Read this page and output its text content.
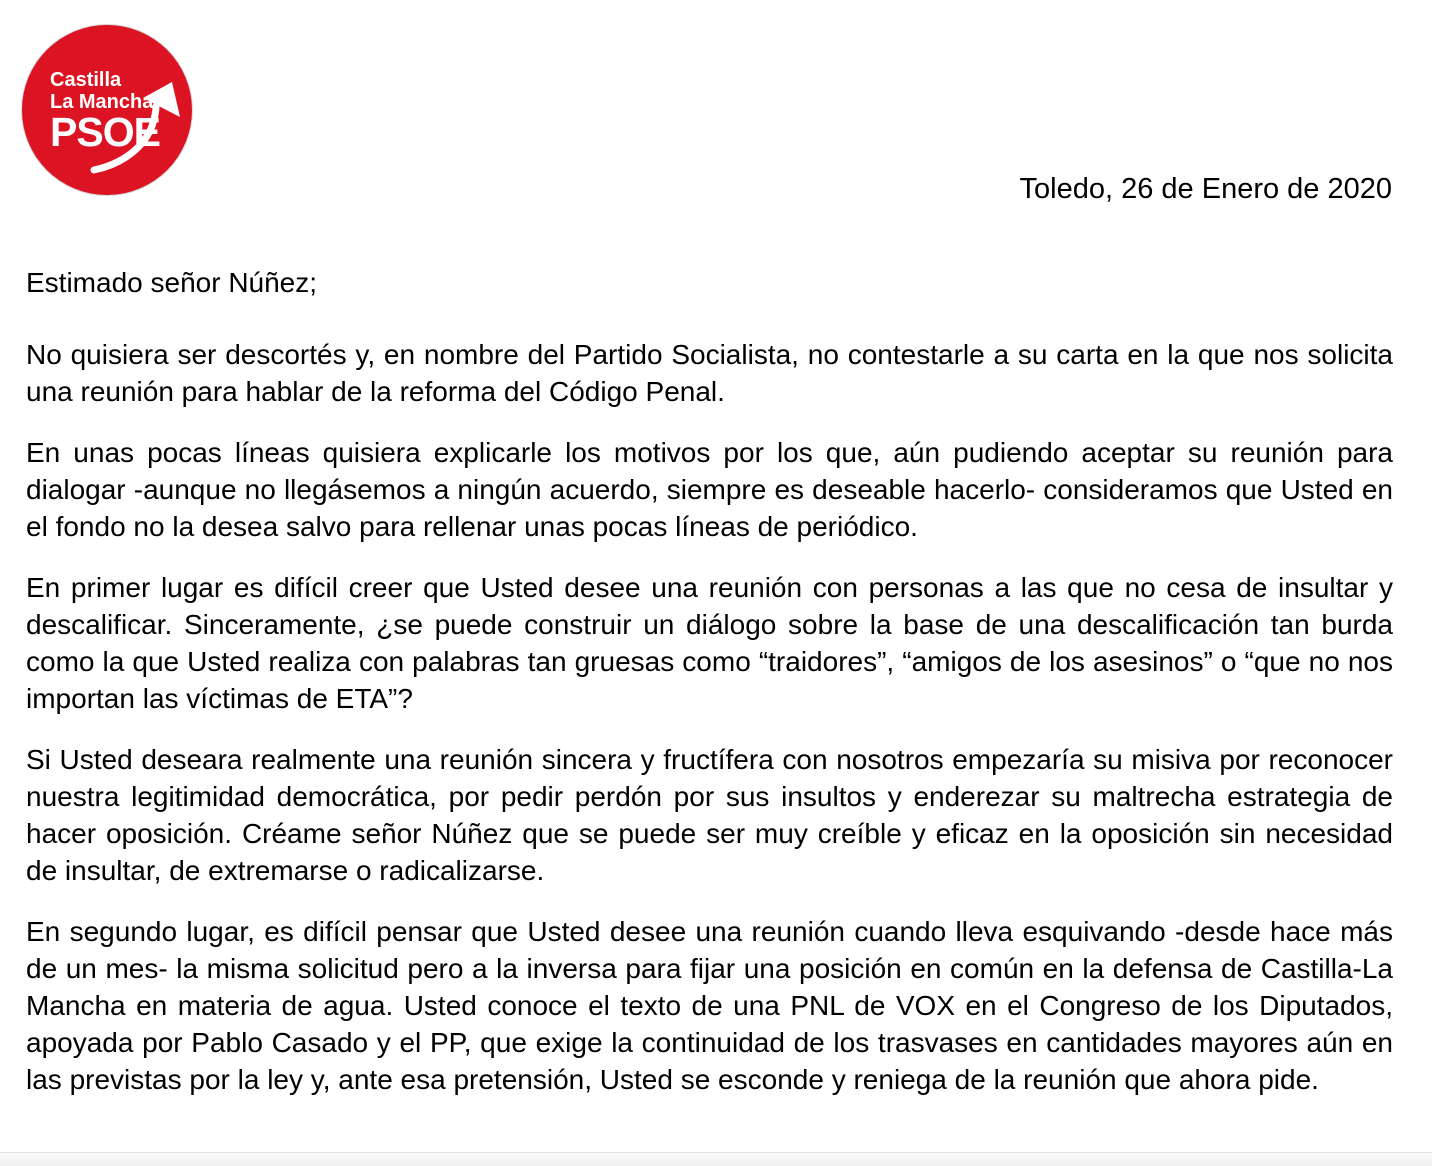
Castilla
La Mancha
PSOE
Toledo, 26 de Enero de 2020

Estimado señor Núñez;

No quisiera ser descortés y, en nombre del Partido Socialista, no contestarle a su carta en la que nos solicita una reunión para hablar de la reforma del Código Penal.

En unas pocas líneas quisiera explicarle los motivos por los que, aún pudiendo aceptar su reunión para dialogar -aunque no llegásemos a ningún acuerdo, siempre es deseable hacerlo- consideramos que Usted en el fondo no la desea salvo para rellenar unas pocas líneas de periódico.

En primer lugar es difícil creer que Usted desee una reunión con personas a las que no cesa de insultar y descalificar. Sinceramente, ¿se puede construir un diálogo sobre la base de una descalificación tan burda como la que Usted realiza con palabras tan gruesas como “traidores”, “amigos de los asesinos” o “que no nos importan las víctimas de ETA”?

Si Usted deseara realmente una reunión sincera y fructífera con nosotros empezaría su misiva por reconocer nuestra legitimidad democrática, por pedir perdón por sus insultos y enderezar su maltrecha estrategia de hacer oposición. Créame señor Núñez que se puede ser muy creíble y eficaz en la oposición sin necesidad de insultar, de extremarse o radicalizarse.

En segundo lugar, es difícil pensar que Usted desee una reunión cuando lleva esquivando -desde hace más de un mes- la misma solicitud pero a la inversa para fijar una posición en común en la defensa de Castilla-La Mancha en materia de agua. Usted conoce el texto de una PNL de VOX en el Congreso de los Diputados, apoyada por Pablo Casado y el PP, que exige la continuidad de los trasvases en cantidades mayores aún en las previstas por la ley y, ante esa pretensión, Usted se esconde y reniega de la reunión que ahora pide.
